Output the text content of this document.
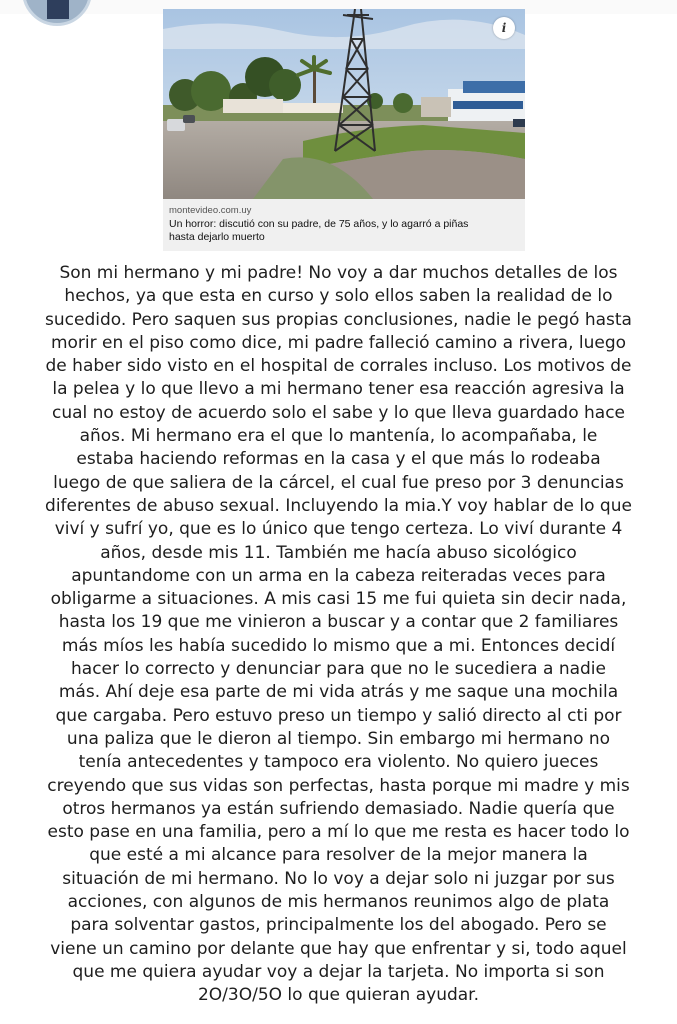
i
montevideo.com.uy
Un horror: discutió con su padre, de 75 años, y lo agarró a piñas
hasta dejarlo muerto
Son mi hermano y mi padre! No voy a dar muchos detalles de los
hechos, ya que esta en curso y solo ellos saben la realidad de lo
sucedido. Pero saquen sus propias conclusiones, nadie le pegó hasta
morir en el piso como dice, mi padre falleció camino a rivera, luego
de haber sido visto en el hospital de corrales incluso. Los motivos de
la pelea y lo que llevo a mi hermano tener esa reacción agresiva la
cual no estoy de acuerdo solo el sabe y lo que lleva guardado hace
años. Mi hermano era el que lo mantenía, lo acompañaba, le
estaba haciendo reformas en la casa y el que más lo rodeaba
luego de que saliera de la cárcel, el cual fue preso por 3 denuncias
diferentes de abuso sexual. Incluyendo la mia.Y voy hablar de lo que
viví y sufrí yo, que es lo único que tengo certeza. Lo viví durante 4
años, desde mis 11. También me hacía abuso sicológico
apuntandome con un arma en la cabeza reiteradas veces para
obligarme a situaciones. A mis casi 15 me fui quieta sin decir nada,
hasta los 19 que me vinieron a buscar y a contar que 2 familiares
más míos les había sucedido lo mismo que a mi. Entonces decidí
hacer lo correcto y denunciar para que no le sucediera a nadie
más. Ahí deje esa parte de mi vida atrás y me saque una mochila
que cargaba. Pero estuvo preso un tiempo y salió directo al cti por
una paliza que le dieron al tiempo. Sin embargo mi hermano no
tenía antecedentes y tampoco era violento. No quiero jueces
creyendo que sus vidas son perfectas, hasta porque mi madre y mis
otros hermanos ya están sufriendo demasiado. Nadie quería que
esto pase en una familia, pero a mí lo que me resta es hacer todo lo
que esté a mi alcance para resolver de la mejor manera la
situación de mi hermano. No lo voy a dejar solo ni juzgar por sus
acciones, con algunos de mis hermanos reunimos algo de plata
para solventar gastos, principalmente los del abogado. Pero se
viene un camino por delante que hay que enfrentar y si, todo aquel
que me quiera ayudar voy a dejar la tarjeta. No importa si son
2O/3O/5O lo que quieran ayudar.
